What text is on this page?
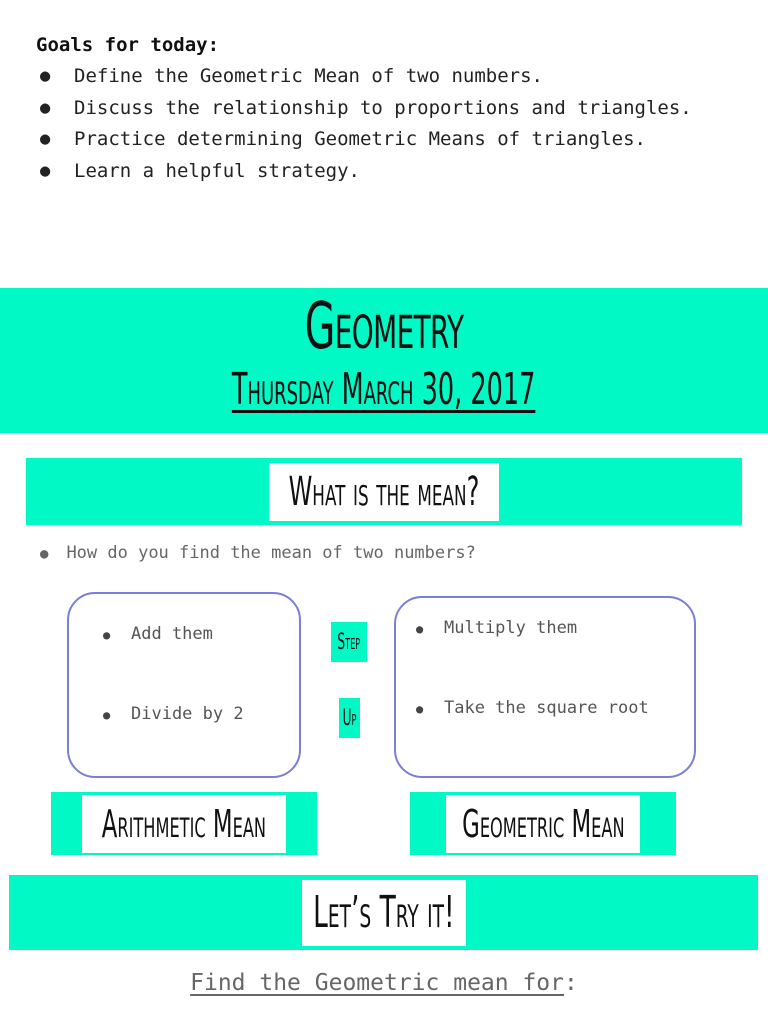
Goals for today:
● Define the Geometric Mean of two numbers.
● Discuss the relationship to proportions and triangles.
● Practice determining Geometric Means of triangles.
● Learn a helpful strategy.
Geometry
Thursday March 30, 2017
What is the mean?
● How do you find the mean of two numbers?
● Add them
● Divide by 2
Step
Up
● Multiply them
● Take the square root
Arithmetic Mean	Geometric Mean
Let’s Try it!
Find the Geometric mean for:
